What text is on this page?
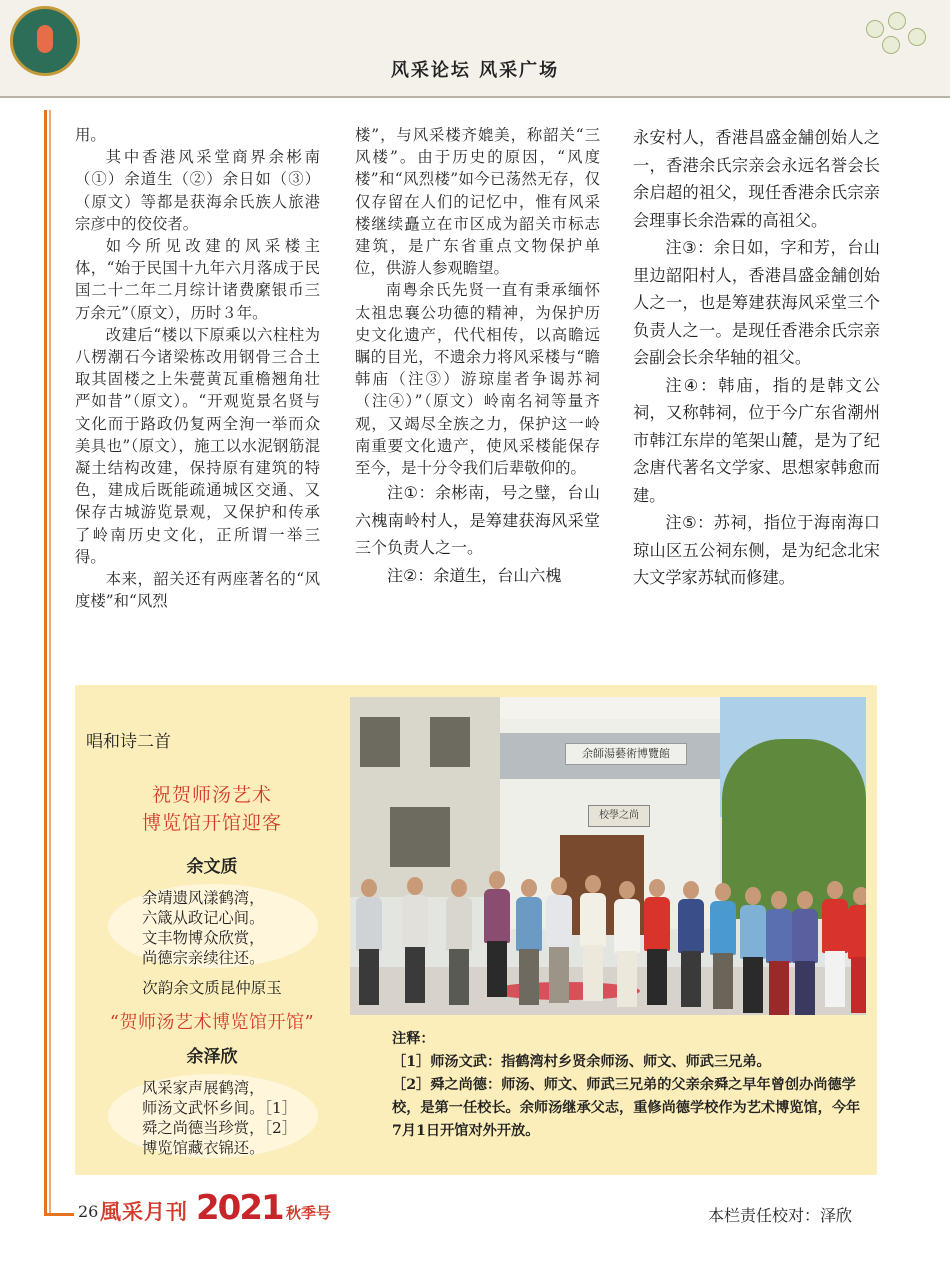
风采论坛 风采广场

用。

其中香港风采堂商界余彬南（①）余道生（②）余日如（③）（原文）等都是获海余氏族人旅港宗彦中的佼佼者。

如今所见改建的风采楼主体，“始于民国十九年六月落成于民国二十二年二月综计诸费縻银币三万余元”（原文），历时３年。

改建后“楼以下原乘以六柱柱为八楞潮石今诸梁栋改用钢骨三合土取其固楼之上朱甍黄瓦重檐翘角壮严如昔”（原文）。“开观览景名贤与文化而于路政仍复两全洵一举而众美具也”（原文），施工以水泥钢筋混凝土结构改建，保持原有建筑的特色，建成后既能疏通城区交通、又保存古城游览景观，又保护和传承了岭南历史文化，正所谓一举三得。

本来，韶关还有两座著名的“风度楼”和“风烈

楼”，与风采楼齐媲美，称韶关“三风楼”。由于历史的原因，“风度楼”和“风烈楼”如今已荡然无存，仅仅存留在人们的记忆中，惟有风采楼继续矗立在市区成为韶关市标志建筑，是广东省重点文物保护单位，供游人参观瞻望。

南粤余氏先贤一直有秉承缅怀太祖忠襄公功德的精神，为保护历史文化遗产，代代相传，以高瞻远瞩的目光，不遗余力将风采楼与“瞻韩庙（注③）游琼崖者争谒苏祠（注④）”（原文）岭南名祠等量齐观，又竭尽全族之力，保护这一岭南重要文化遗产，使风采楼能保存至今，是十分令我们后辈敬仰的。

注①：余彬南，号之璧，台山六槐南岭村人，是筹建获海风采堂三个负责人之一。

注②：余道生，台山六槐

永安村人，香港昌盛金舗创始人之一，香港余氏宗亲会永远名誉会长余启超的祖父，现任香港余氏宗亲会理事长余浩霖的高祖父。

注③：余日如，字和芳，台山里边韶阳村人，香港昌盛金舗创始人之一，也是筹建获海风采堂三个负责人之一。是现任香港余氏宗亲会副会长余华轴的祖父。

注④：韩庙，指的是韩文公祠，又称韩祠，位于今广东省潮州市韩江东岸的笔架山麓，是为了纪念唐代著名文学家、思想家韩愈而建。

注⑤：苏祠，指位于海南海口琼山区五公祠东侧，是为纪念北宋大文学家苏轼而修建。

唱和诗二首
祝贺师汤艺术
博览馆开馆迎客
余文质
余靖遗风漾鹤湾，
六箴从政记心间。
文丰物博众欣赏，
尚德宗亲续往还。
次韵余文质昆仲原玉
“贺师汤艺术博览馆开馆”
余泽欣
风采家声展鹤湾，
师汤文武怀乡间。［1］
舜之尚德当珍赏，［2］
博览馆藏衣锦还。
余師湯藝術博覽館
校學之尚

注释：

［1］师汤文武：指鹤湾村乡贤余师汤、师文、师武三兄弟。

［2］舜之尚德：师汤、师文、师武三兄弟的父亲余舜之早年曾创办尚德学校，是第一任校长。余师汤继承父志，重修尚德学校作为艺术博览馆，今年7月1日开馆对外开放。

26 風采月刊 2021 秋季号	本栏责任校对：泽欣
